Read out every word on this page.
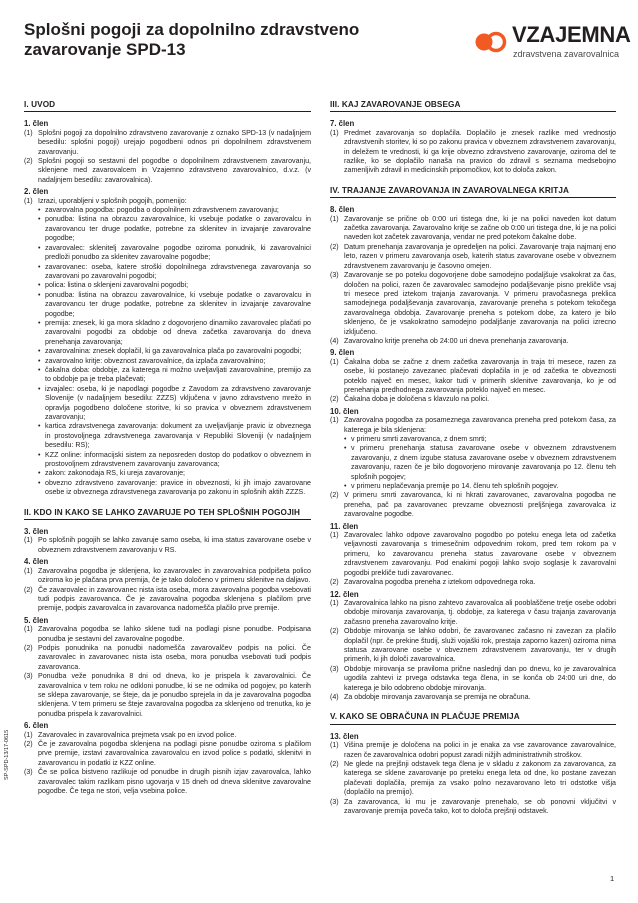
Splošni pogoji za dopolnilno zdravstveno zavarovanje SPD-13
VZAJEMNA
zdravstvena zavarovalnica
I. UVOD
1. člen
(1) Splošni pogoji za dopolnilno zdravstveno zavarovanje z oznako SPD-13 (v nadaljnjem besedilu: splošni pogoji) urejajo pogodbeni odnos pri dopolnilnem zdravstvenem zavarovanju.
(2) Splošni pogoji so sestavni del pogodbe o dopolnilnem zdravstvenem zavarovanju, sklenjene med zavarovalcem in Vzajemno zdravstveno zavarovalnico, d.v.z. (v nadaljnjem besedilu: zavarovalnica).
2. člen
(1) Izrazi, uporabljeni v splošnih pogojih, pomenijo:
• zavarovalna pogodba: pogodba o dopolnilnem zdravstvenem zavarovanju;
• ponudba: listina na obrazcu zavarovalnice, ki vsebuje podatke o zavarovalcu in zavarovancu ter druge podatke, potrebne za sklenitev in izvajanje zavarovalne pogodbe;
• zavarovalec: sklenitelj zavarovalne pogodbe oziroma ponudnik, ki zavarovalnici predloži ponudbo za sklenitev zavarovalne pogodbe;
• zavarovanec: oseba, katere stroški dopolnilnega zdravstvenega zavarovanja so zavarovani po zavarovalni pogodbi;
• polica: listina o sklenjeni zavarovalni pogodbi;
• ponudba: listina na obrazcu zavarovalnice, ki vsebuje podatke o zavarovalcu in zavarovancu ter druge podatke, potrebne za sklenitev in izvajanje zavarovalne pogodbe;
• premija: znesek, ki ga mora skladno z dogovorjeno dinamiko zavarovalec plačati po zavarovalni pogodbi za obdobje od dneva začetka zavarovanja do dneva prenehanja zavarovanja;
• zavarovalnina: znesek doplačil, ki ga zavarovalnica plača po zavarovalni pogodbi;
• zavarovalno kritje: obveznost zavarovalnice, da izplača zavarovalnino;
• čakalna doba: obdobje, za katerega ni možno uveljavljati zavarovalnine, premijo za to obdobje pa je treba plačevati;
• izvajalec: oseba, ki je napodlagi pogodbe z Zavodom za zdravstveno zavarovanje Slovenije (v nadaljnjem besedilu: ZZZS) vključena v javno zdravstveno mrežo in opravlja pogodbeno določene storitve, ki so pravica v obveznem zdravstvenem zavarovanju;
• kartica zdravstvenega zavarovanja: dokument za uveljavljanje pravic iz obveznega in prostovoljnega zdravstvenega zavarovanja v Republiki Sloveniji (v nadaljnjem besedilu: RS);
• KZZ online: informacijski sistem za neposreden dostop do podatkov o obveznem in prostovoljnem zdravstvenem zavarovanju zavarovanca;
• zakon: zakonodaja RS, ki ureja zavarovanje;
• obvezno zdravstveno zavarovanje: pravice in obveznosti, ki jih imajo zavarovane osebe iz obveznega zdravstvenega zavarovanja po zakonu in splošnih aktih ZZZS.
II. KDO IN KAKO SE LAHKO ZAVARUJE PO TEH SPLOŠNIH POGOJIH
3. člen
(1) Po splošnih pogojih se lahko zavaruje samo oseba, ki ima status zavarovane osebe v obveznem zdravstvenem zavarovanju v RS.
4. člen
(1) Zavarovalna pogodba je sklenjena, ko zavarovalec in zavarovalnica podpišeta polico oziroma ko je plačana prva premija, če je tako določeno v primeru sklenitve na daljavo.
(2) Če zavarovalec in zavarovanec nista ista oseba, mora zavarovalna pogodba vsebovati tudi podpis zavarovanca. Če je zavarovalna pogodba sklenjena s plačilom prve premije, podpis zavarovalca in zavarovanca nadomešča plačilo prve premije.
5. člen
(1) Zavarovalna pogodba se lahko sklene tudi na podlagi pisne ponudbe. Podpisana ponudba je sestavni del zavarovalne pogodbe.
(2) Podpis ponudnika na ponudbi nadomešča zavarovalčev podpis na polici. Če zavarovalec in zavarovanec nista ista oseba, mora ponudba vsebovati tudi podpis zavarovanca.
(3) Ponudba veže ponudnika 8 dni od dneva, ko je prispela k zavarovalnici. Če zavarovalnica v tem roku ne odkloni ponudbe, ki se ne odmika od pogojev, po katerih se sklepa zavarovanje, se šteje, da je ponudbo sprejela in da je zavarovalna pogodba sklenjena. V tem primeru se šteje zavarovalna pogodba za sklenjeno od trenutka, ko je ponudba prispela k zavarovalnici.
6. člen
(1) Zavarovalec in zavarovalnica prejmeta vsak po en izvod police.
(2) Če je zavarovalna pogodba sklenjena na podlagi pisne ponudbe oziroma s plačilom prve premije, izstavi zavarovalnica zavarovalcu en izvod police s podatki, sklenitvi in zavarovancu in podatki iz KZZ online.
(3) Če se polica bistveno razlikuje od ponudbe in drugih pisnih izjav zavarovalca, lahko zavarovalec takim razlikam pisno ugovarja v 15 dneh od dneva sklenitve zavarovalne pogodbe. Če tega ne stori, velja vsebina police.
III. KAJ ZAVAROVANJE OBSEGA
7. člen
(1) Predmet zavarovanja so doplačila. Doplačilo je znesek razlike med vrednostjo zdravstvenih storitev, ki so po zakonu pravica v obveznem zdravstvenem zavarovanju, in deležem te vrednosti, ki ga krije obvezno zdravstveno zavarovanje, oziroma del te razlike, ko se doplačilo nanaša na pravico do zdravil s seznama medsebojno zamenljivih zdravil in medicinskih pripomočkov, kot to določa zakon.
IV. TRAJANJE ZAVAROVANJA IN ZAVAROVALNEGA KRITJA
8. člen
(1) Zavarovanje se prične ob 0:00 uri tistega dne, ki je na polici naveden kot datum začetka zavarovanja. Zavarovalno kritje se začne ob 0:00 uri tistega dne, ki je na polici naveden kot začetek zavarovanja, vendar ne pred potekom čakalne dobe.
(2) Datum prenehanja zavarovanja je opredeljen na polici. Zavarovanje traja najmanj eno leto, razen v primeru zavarovanja oseb, katerih status zavarovane osebe v obveznem zdravstvenem zavarovanju je časovno omejen.
(3) Zavarovanje se po poteku dogovorjene dobe samodejno podaljšuje vsakokrat za čas, določen na polici, razen če zavarovalec samodejno podaljševanje pisno prekliče vsaj tri mesece pred iztekom trajanja zavarovanja. V primeru pravočasnega preklica samodejnega podaljševanja zavarovanja, zavarovanje preneha s potekom tekočega zavarovalnega obdobja. Zavarovanje preneha s potekom dobe, za katero je bilo sklenjeno, če je vsakokratno samodejno podaljšanje zavarovanja na polici izrecno izključeno.
(4) Zavarovalno kritje preneha ob 24:00 uri dneva prenehanja zavarovanja.
9. člen
(1) Čakalna doba se začne z dnem začetka zavarovanja in traja tri mesece, razen za osebe, ki postanejo zavezanec plačevati doplačila in je od začetka te obveznosti poteklo največ en mesec, kakor tudi v primerih sklenitve zavarovanja, ko je od prenehanja predhodnega zavarovanja poteklo največ en mesec.
(2) Čakalna doba je določena s klavzulo na polici.
10. člen
(1) Zavarovalna pogodba za posameznega zavarovanca preneha pred potekom časa, za katerega je bila sklenjena:
• v primeru smrti zavarovanca, z dnem smrti;
• v primeru prenehanja statusa zavarovane osebe v obveznem zdravstvenem zavarovanju, z dnem izgube statusa zavarovane osebe v obveznem zdravstvenem zavarovanju, razen če je bilo dogovorjeno mirovanje zavarovanja po 12. členu teh splošnih pogojev;
• v primeru neplačevanja premije po 14. členu teh splošnih pogojev.
(2) V primeru smrti zavarovanca, ki ni hkrati zavarovanec, zavarovalna pogodba ne preneha, pač pa zavarovanec prevzame obveznosti preljšnjega zavarovalca iz zavarovalne pogodbe.
11. člen
(1) Zavarovalec lahko odpove zavarovalno pogodbo po poteku enega leta od začetka veljavnosti zavarovanja s trimesečnim odpovednim rokom, pred tem rokom pa v primeru, ko zavarovancu preneha status zavarovane osebe v obveznem zdravstvenem zavarovanju. Pod enakimi pogoji lahko svojo soglasje k zavarovalni pogodbi prekliče tudi zavarovanec.
(2) Zavarovalna pogodba preneha z iztekom odpovednega roka.
12. člen
(1) Zavarovalnica lahko na pisno zahtevo zavarovalca ali pooblaščene tretje osebe odobri obdobje mirovanja zavarovanja, tj. obdobje, za katerega v času trajanja zavarovanja začasno preneha zavarovalno kritje.
(2) Obdobje mirovanja se lahko odobri, če zavarovanec začasno ni zavezan za plačilo doplačil (npr. če prekine študij, služi vojaški rok, prestaja zaporno kazen) oziroma nima statusa zavarovane osebe v obveznem zdravstvenem zavarovanju, ter v drugih primerih, ki jih določi zavarovalnica.
(3) Obdobje mirovanja se praviloma prične naslednji dan po dnevu, ko je zavarovalnica ugodila zahtevi iz prvega odstavka tega člena, in se konča ob 24:00 uri dne, do katerega je bilo odobreno obdobje mirovanja.
(4) Za obdobje mirovanja zavarovanja se premija ne obračuna.
V. KAKO SE OBRAČUNA IN PLAČUJE PREMIJA
13. člen
(1) Višina premije je določena na polici in je enaka za vse zavarovance zavarovalnice, razen če zavarovalnica odobri popust zaradi nižjih administrativnih stroškov.
(2) Ne glede na prejšnji odstavek tega člena je v skladu z zakonom za zavarovanca, za katerega se sklene zavarovanje po preteku enega leta od dne, ko postane zavezan plačevati doplačila, premija za vsako polno nezavarovano leto tri odstotke višja (doplačilo na premijo).
(3) Za zavarovanca, ki mu je zavarovanje prenehalo, se ob ponovni vključitvi v zavarovanje premija poveča tako, kot to določa prejšnji odstavek.
SP-SPD-13/17-0615
1
